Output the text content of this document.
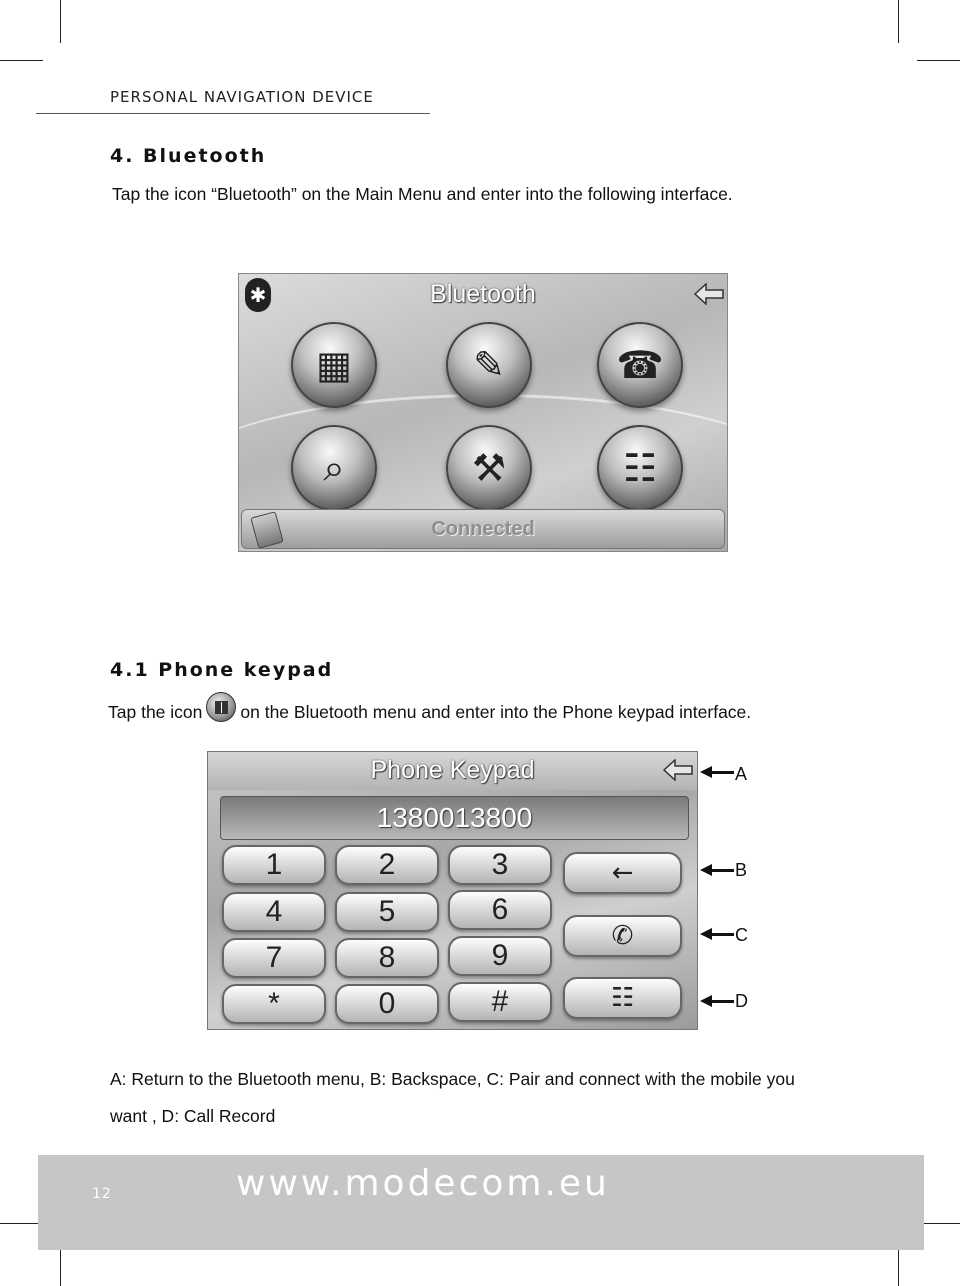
PERSONAL NAVIGATION DEVICE
4. Bluetooth
Tap the icon “Bluetooth” on the Main Menu and enter into the following interface.
✱	Bluetooth
▦	✎	☎
⌕	⚒	☷
Connected
4.1 Phone keypad
Tap the icon on the Bluetooth menu and enter into the Phone keypad interface.
Phone Keypad
1380013800
1	2	3
4	5	6
7	8	9
*	0	#
←
✆
☷
A
B
C
D
A: Return to the Bluetooth menu, B: Backspace, C: Pair and connect with the mobile you
want , D: Call Record
12	www.modecom.eu
